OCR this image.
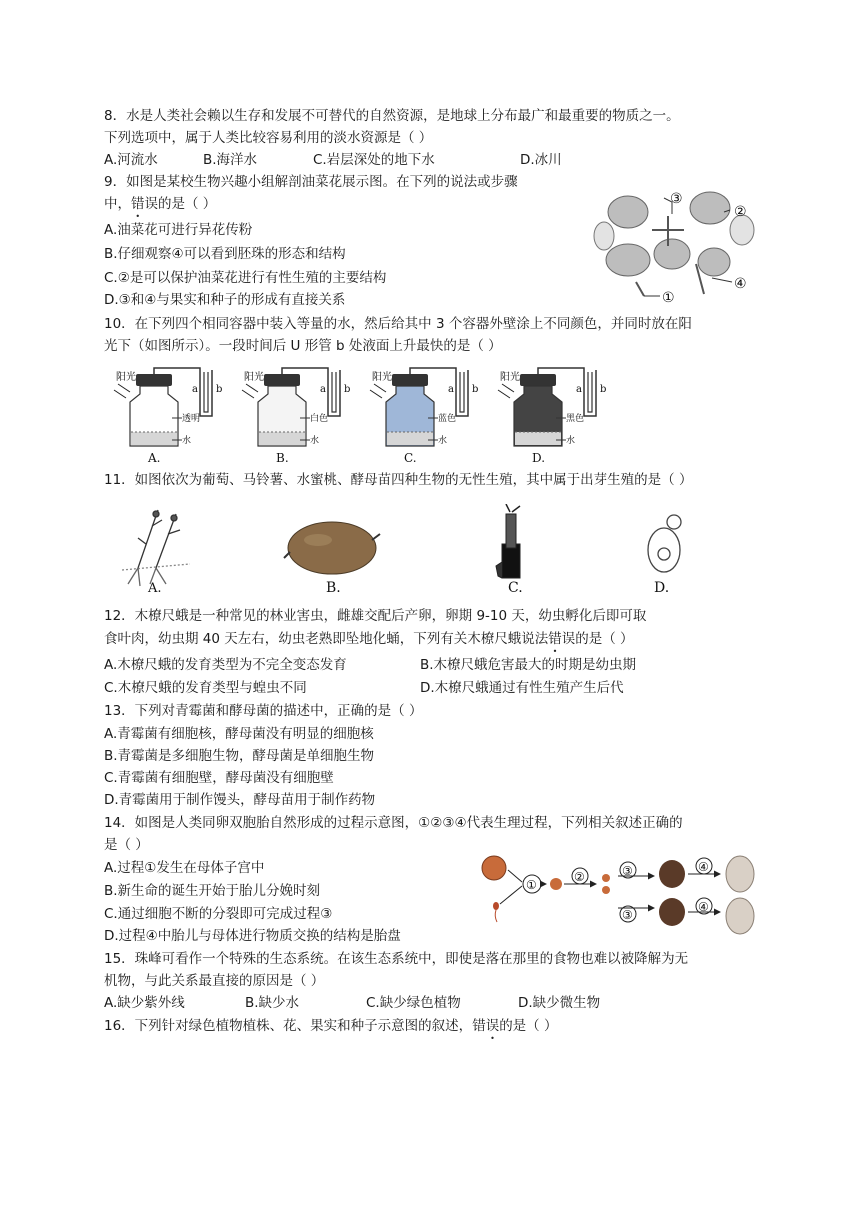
8．水是人类社会赖以生存和发展不可替代的自然资源，是地球上分布最广和最重要的物质之一。
下列选项中，属于人类比较容易利用的淡水资源是（ ）
A.河流水	B.海洋水	C.岩层深处的地下水	D.冰川
9．如图是某校生物兴趣小组解剖油菜花展示图。在下列的说法或步骤
中，错误的是（ ）
A.油菜花可进行异花传粉
B.仔细观察④可以看到胚珠的形态和结构
C.②是可以保护油菜花进行有性生殖的主要结构
D.③和④与果实和种子的形成有直接关系
③
②
④
①
10．在下列四个相同容器中装入等量的水，然后给其中 3 个容器外壁涂上不同颜色，并同时放在阳
光下（如图所示）。一段时间后 U 形管 b 处液面上升最快的是（ ）
阳光
a b
透明
水
A.
阳光
a b
白色
水
B.
阳光
a b
蓝色
水
C.
阳光
a b
黑色
水
D.
11．如图依次为葡萄、马铃薯、水蜜桃、酵母苗四种生物的无性生殖，其中属于出芽生殖的是（ ）
A.	B.	C.	D.
12．木橑尺蛾是一种常见的林业害虫，雌雄交配后产卵，卵期 9-10 天，幼虫孵化后即可取
食叶肉，幼虫期 40 天左右，幼虫老熟即坠地化蛹，下列有关木橑尺蛾说法错误的是（ ）
A.木橑尺蛾的发育类型为不完全变态发育	B.木橑尺蛾危害最大的时期是幼虫期
C.木橑尺蛾的发育类型与蝗虫不同	D.木橑尺蛾通过有性生殖产生后代
13．下列对青霉菌和酵母菌的描述中，正确的是（ ）
A.青霉菌有细胞核，酵母菌没有明显的细胞核
B.青霉菌是多细胞生物，酵母菌是单细胞生物
C.青霉菌有细胞壁，酵母菌没有细胞壁
D.青霉菌用于制作馒头，酵母苗用于制作药物
14．如图是人类同卵双胞胎自然形成的过程示意图，①②③④代表生理过程，下列相关叙述正确的
是（ ）
A.过程①发生在母体子宫中
B.新生命的诞生开始于胎儿分娩时刻
C.通过细胞不断的分裂即可完成过程③
D.过程④中胎儿与母体进行物质交换的结构是胎盘
①
②	③
③
④
④
15．珠峰可看作一个特殊的生态系统。在该生态系统中，即使是落在那里的食物也难以被降解为无
机物，与此关系最直接的原因是（ ）
A.缺少紫外线	B.缺少水	C.缺少绿色植物	D.缺少微生物
16．下列针对绿色植物植株、花、果实和种子示意图的叙述，错误的是（ ）
